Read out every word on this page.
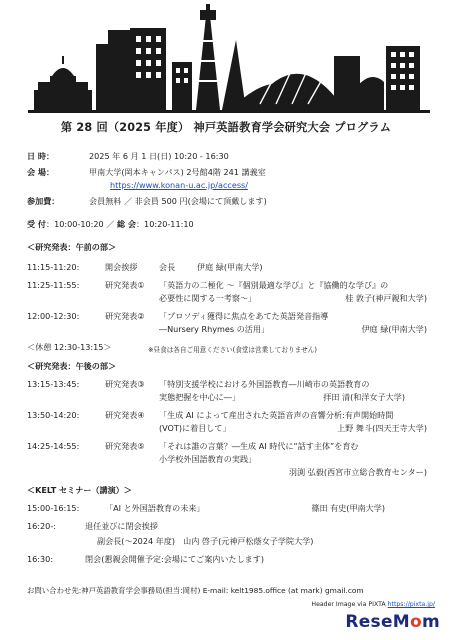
第 28 回（2025 年度） 神戸英語教育学会研究大会 プログラム
日 時：	2025 年 6 月 1 日(日) 10:20 - 16:30
会 場：	甲南大学(岡本キャンパス) 2号館4階 241 講義室
https://www.konan-u.ac.jp/access/
参加費：	会員無料 ／ 非会員 500 円(会場にて頂戴します)
受 付：10:00-10:20 ／ 総 会：10:20-11:10
＜研究発表：午前の部＞
11:15-11:20:	開会挨拶	会長	伊庭 緑(甲南大学)
11:25-11:55:	研究発表① 「英語力の二極化 ～『個別最適な学び』と『協働的な学び』の
必要性に関する一考察～」	桂 敦子(神戸親和大学)
12:00-12:30:	研究発表② 「プロソディ獲得に焦点をあてた英語発音指導
―Nursery Rhymes の活用」	伊庭 緑(甲南大学)
＜休憩 12:30-13:15＞	※昼食は各自ご用意ください(食堂は営業しておりません)
＜研究発表：午後の部＞
13:15-13:45:	研究発表③ 「特別支援学校における外国語教育―川崎市の英語教育の
実態把握を中心に―」	拝田 清(和洋女子大学)
13:50-14:20:	研究発表④ 「生成 AI によって産出された英語音声の音響分析:有声開始時間
(VOT)に着目して」	上野 舞斗(四天王寺大学)
14:25-14:55:	研究発表⑤ 「それは誰の言葉？―生成 AI 時代に“話す主体”を育む
小学校外国語教育の実践」
羽渕 弘毅(西宮市立総合教育センター)
＜KELT セミナー（講演）＞
15:00-16:15:	「AI と外国語教育の未来」	篠田 有史(甲南大学)
16:20-:	退任並びに閉会挨拶
副会長(～2024 年度)　山内 啓子(元神戸松蔭女子学院大学)
16:30:	閉会(懇親会開催予定:会場にてご案内いたします)
お問い合わせ先:神戸英語教育学会事務局(担当:岡村) E-mail: kelt1985.office (at mark) gmail.com
Header Image via PIXTA https://pixta.jp/
ReseMom
